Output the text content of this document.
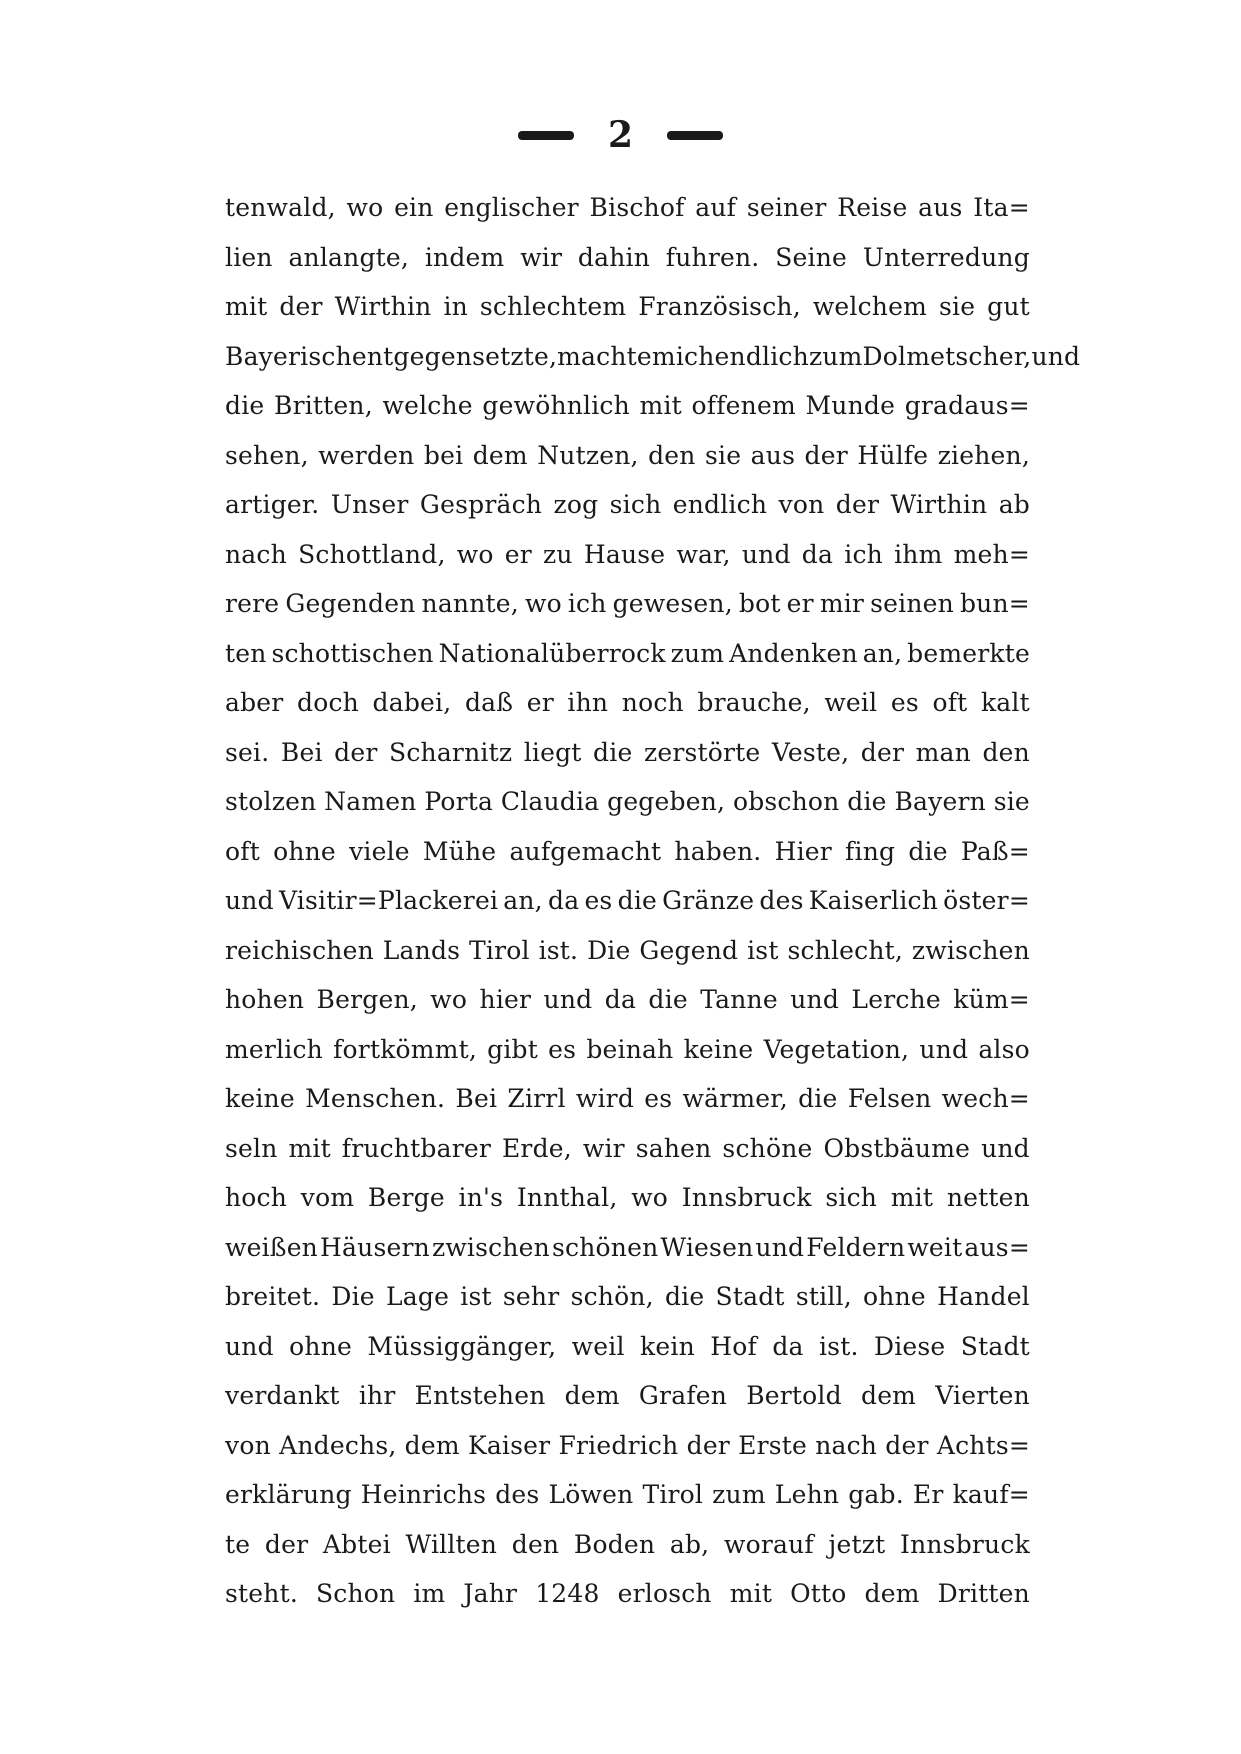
2
tenwald, wo ein englischer Bischof auf seiner Reise aus Ita=
lien anlangte, indem wir dahin fuhren. Seine Unterredung
mit der Wirthin in schlechtem Französisch, welchem sie gut
Bayerisch entgegen setzte, machte mich endlich zum Dolmetscher, und
die Britten, welche gewöhnlich mit offenem Munde gradaus=
sehen, werden bei dem Nutzen, den sie aus der Hülfe ziehen,
artiger. Unser Gespräch zog sich endlich von der Wirthin ab
nach Schottland, wo er zu Hause war, und da ich ihm meh=
rere Gegenden nannte, wo ich gewesen, bot er mir seinen bun=
ten schottischen Nationalüberrock zum Andenken an, bemerkte
aber doch dabei, daß er ihn noch brauche, weil es oft kalt
sei. Bei der Scharnitz liegt die zerstörte Veste, der man den
stolzen Namen Porta Claudia gegeben, obschon die Bayern sie
oft ohne viele Mühe aufgemacht haben. Hier fing die Paß=
und Visitir=Plackerei an, da es die Gränze des Kaiserlich öster=
reichischen Lands Tirol ist. Die Gegend ist schlecht, zwischen
hohen Bergen, wo hier und da die Tanne und Lerche küm=
merlich fortkömmt, gibt es beinah keine Vegetation, und also
keine Menschen. Bei Zirrl wird es wärmer, die Felsen wech=
seln mit fruchtbarer Erde, wir sahen schöne Obstbäume und
hoch vom Berge in's Innthal, wo Innsbruck sich mit netten
weißen Häusern zwischen schönen Wiesen und Feldern weit aus=
breitet. Die Lage ist sehr schön, die Stadt still, ohne Handel
und ohne Müssiggänger, weil kein Hof da ist. Diese Stadt
verdankt ihr Entstehen dem Grafen Bertold dem Vierten
von Andechs, dem Kaiser Friedrich der Erste nach der Achts=
erklärung Heinrichs des Löwen Tirol zum Lehn gab. Er kauf=
te der Abtei Willten den Boden ab, worauf jetzt Innsbruck
steht. Schon im Jahr 1248 erlosch mit Otto dem Dritten
